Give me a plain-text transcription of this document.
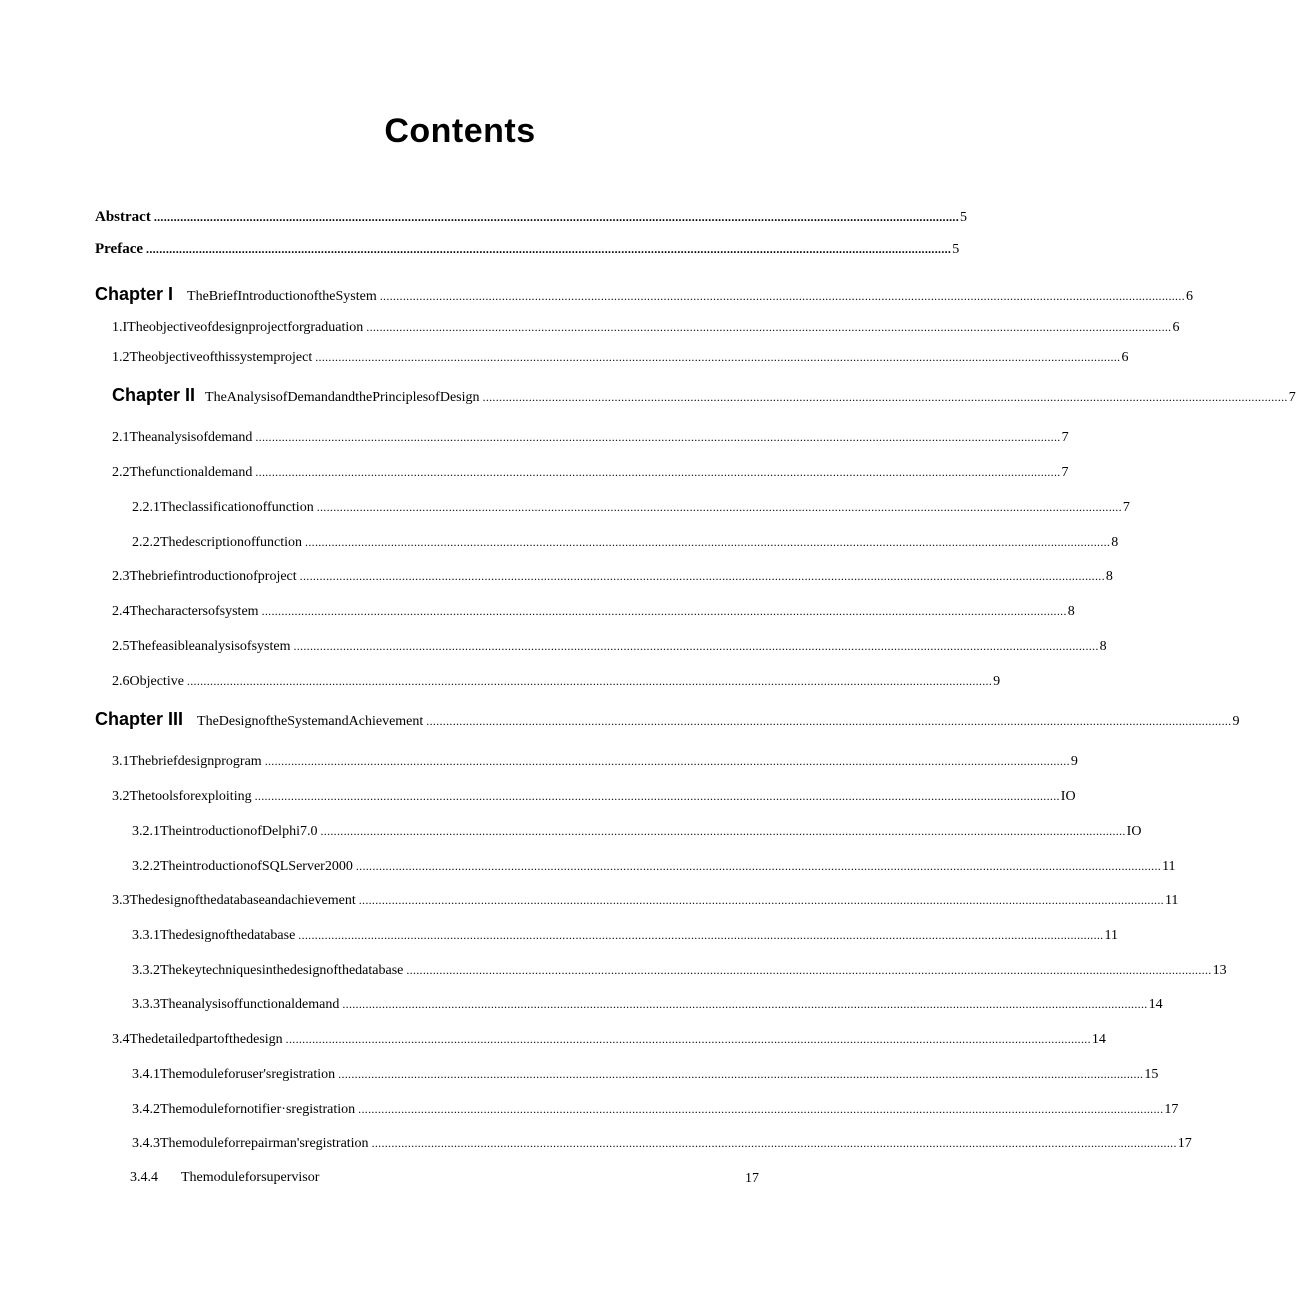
Contents
Abstract .................................................................................................................................................................................................................................................... 5
Preface .................................................................................................................................................................................................................................................... 5
Chapter I TheBriefIntroductionoftheSystem .................................................................................................................................................................................................................................................... 6
1. ITheobjectiveofdesignprojectforgraduation .................................................................................................................................................................................................................................................... 6
1.2 Theobjectiveofthissystemproject .................................................................................................................................................................................................................................................... 6
Chapter II TheAnalysisofDemandandthePrinciplesofDesign .................................................................................................................................................................................................................................................... 7
2.1 Theanalysisofdemand .................................................................................................................................................................................................................................................... 7
2.2 Thefunctionaldemand .................................................................................................................................................................................................................................................... 7
2.2.1 Theclassificationoffunction .................................................................................................................................................................................................................................................... 7
2.2.2 Thedescriptionoffunction .................................................................................................................................................................................................................................................... 8
2.3 Thebriefintroductionofproject .................................................................................................................................................................................................................................................... 8
2.4 Thecharactersofsystem .................................................................................................................................................................................................................................................... 8
2.5 Thefeasibleanalysisofsystem .................................................................................................................................................................................................................................................... 8
2.6 Objective .................................................................................................................................................................................................................................................... 9
Chapter III TheDesignoftheSystemandAchievement .................................................................................................................................................................................................................................................... 9
3.1 Thebriefdesignprogram .................................................................................................................................................................................................................................................... 9
3.2 Thetoolsforexploiting .................................................................................................................................................................................................................................................... IO
3.2.1 TheintroductionofDelphi7.0 .................................................................................................................................................................................................................................................... IO
3.2.2 TheintroductionofSQLServer2000 .................................................................................................................................................................................................................................................... 11
3.3 Thedesignofthedatabaseandachievement .................................................................................................................................................................................................................................................... 11
3.3.1 Thedesignofthedatabase .................................................................................................................................................................................................................................................... 11
3.3.2 Thekeytechniquesinthedesignofthedatabase .................................................................................................................................................................................................................................................... 13
3.3.3 Theanalysisoffunctionaldemand .................................................................................................................................................................................................................................................... 14
3.4 Thedetailedpartofthedesign .................................................................................................................................................................................................................................................... 14
3.4.1 Themoduleforuser'sregistration .................................................................................................................................................................................................................................................... 15
3.4.2 Themodulefornotifier·sregistration .................................................................................................................................................................................................................................................... 17
3.4.3 Themoduleforrepairman'sregistration .................................................................................................................................................................................................................................................... 17
3.4.4	Themoduleforsupervisor	17
